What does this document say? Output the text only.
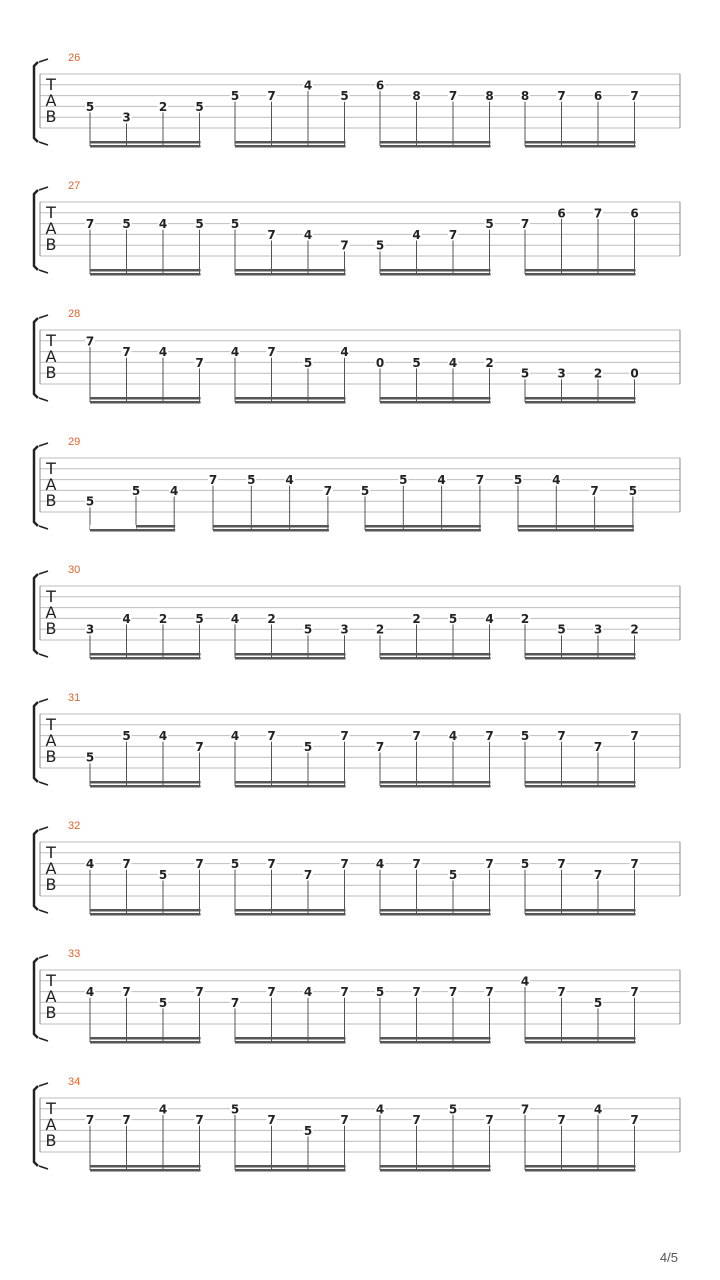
26
T
A
B
5
3
2 5
5 7
4
5
6
8 7 8 8 7 6 7
27
T
A
B
7 5 4 5 5
7 4
7 5
4 7
5 7
6 7 6
28
T
A
B
7
7 4
7
4 7
5
4
0 5 4 2
5 3 2 0
29
T
A
B 5
5 4
7 5 4
7 5
5 4 7 5 4
7 5
30
T
A
B 3
4 2 5 4 2
5 3 2
2 5 4 2
5 3 2
31
T
A
B 5
5 4
7
4 7
5
7
7
7 4 7 5 7
7
7
32
T
A
B
4 7
5
7 5 7
7
7 4 7
5
7 5 7
7
7
33
T
A
B
4 7
5
7
7
7 4 7 5 7 7 7
4
7
5
7
34
T
A
B
7 7
4
7
5
7
5
7
4
7
5
7
7
7
4
7
4/5
